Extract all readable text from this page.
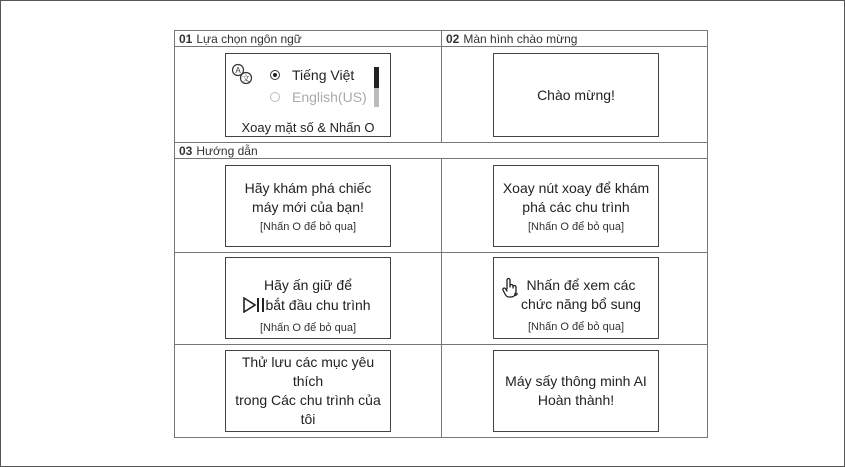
01 Lựa chọn ngôn ngữ	02 Màn hình chào mừng
03 Hướng dẫn
A
文	Tiếng Việt
English(US)
Xoay mặt số & Nhấn O
Chào mừng!
Hãy khám phá chiếc
máy mới của bạn!
[Nhấn O để bỏ qua]
Xoay nút xoay để khám
phá các chu trình
[Nhấn O để bỏ qua]
Hãy ấn giữ để
bắt đầu chu trình
[Nhấn O để bỏ qua]
Nhấn để xem các
chức năng bổ sung
[Nhấn O để bỏ qua]
Thử lưu các mục yêu thích
trong Các chu trình của tôi
Máy sấy thông minh AI
Hoàn thành!
